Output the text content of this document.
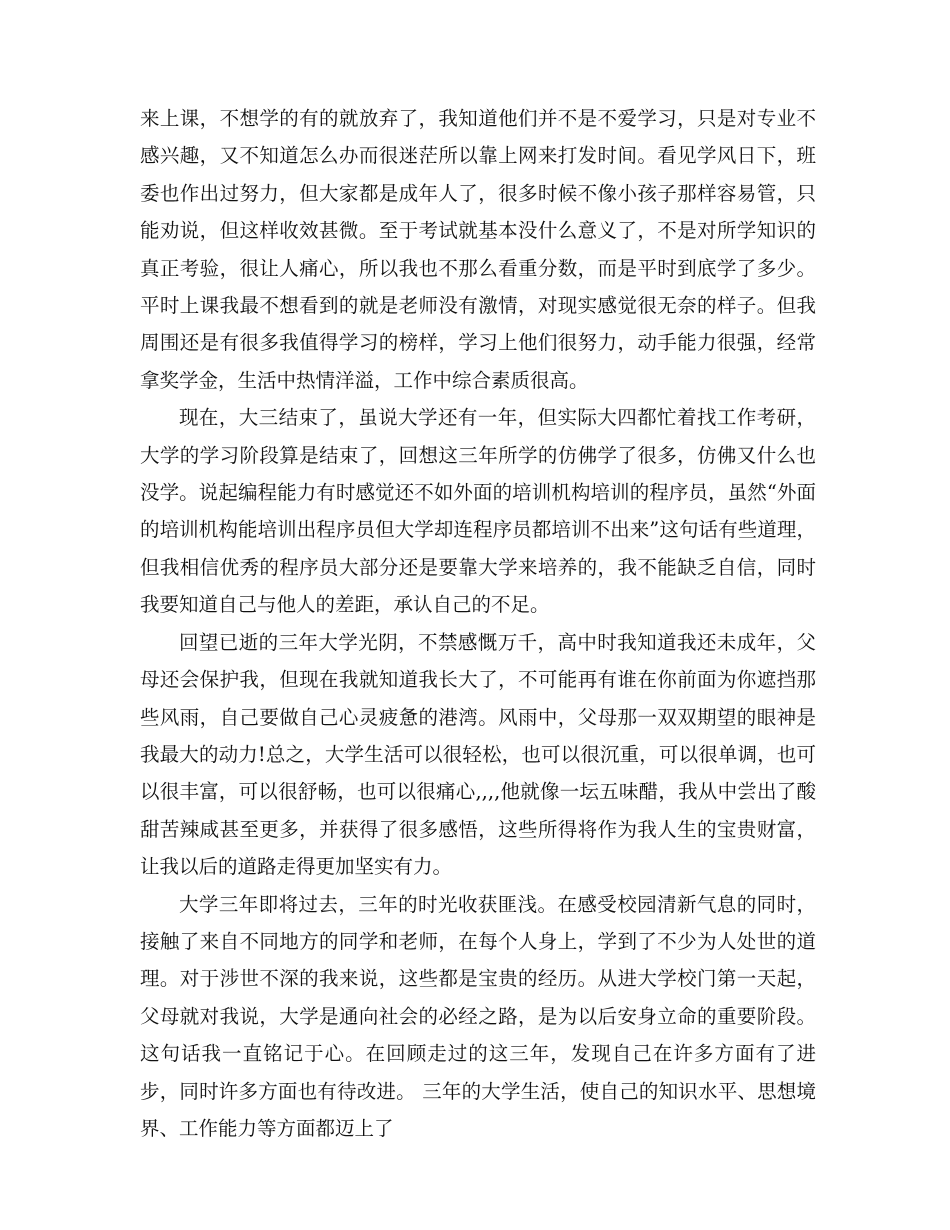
来上课，不想学的有的就放弃了，我知道他们并不是不爱学习，只是对专业不感兴趣，又不知道怎么办而很迷茫所以靠上网来打发时间。看见学风日下，班委也作出过努力，但大家都是成年人了，很多时候不像小孩子那样容易管，只能劝说，但这样收效甚微。至于考试就基本没什么意义了，不是对所学知识的真正考验，很让人痛心，所以我也不那么看重分数，而是平时到底学了多少。平时上课我最不想看到的就是老师没有激情，对现实感觉很无奈的样子。但我周围还是有很多我值得学习的榜样，学习上他们很努力，动手能力很强，经常拿奖学金，生活中热情洋溢，工作中综合素质很高。

现在，大三结束了，虽说大学还有一年，但实际大四都忙着找工作考研，大学的学习阶段算是结束了，回想这三年所学的仿佛学了很多，仿佛又什么也没学。说起编程能力有时感觉还不如外面的培训机构培训的程序员，虽然“外面的培训机构能培训出程序员但大学却连程序员都培训不出来”这句话有些道理，但我相信优秀的程序员大部分还是要靠大学来培养的，我不能缺乏自信，同时我要知道自己与他人的差距，承认自己的不足。

回望已逝的三年大学光阴，不禁感慨万千，高中时我知道我还未成年，父母还会保护我，但现在我就知道我长大了，不可能再有谁在你前面为你遮挡那些风雨，自己要做自己心灵疲惫的港湾。风雨中，父母那一双双期望的眼神是我最大的动力!总之，大学生活可以很轻松，也可以很沉重，可以很单调，也可以很丰富，可以很舒畅，也可以很痛心,,,,他就像一坛五味醋，我从中尝出了酸甜苦辣咸甚至更多，并获得了很多感悟，这些所得将作为我人生的宝贵财富，让我以后的道路走得更加坚实有力。

大学三年即将过去，三年的时光收获匪浅。在感受校园清新气息的同时，接触了来自不同地方的同学和老师，在每个人身上，学到了不少为人处世的道理。对于涉世不深的我来说，这些都是宝贵的经历。从进大学校门第一天起，父母就对我说，大学是通向社会的必经之路，是为以后安身立命的重要阶段。这句话我一直铭记于心。在回顾走过的这三年，发现自己在许多方面有了进步，同时许多方面也有待改进。 三年的大学生活，使自己的知识水平、思想境界、工作能力等方面都迈上了
